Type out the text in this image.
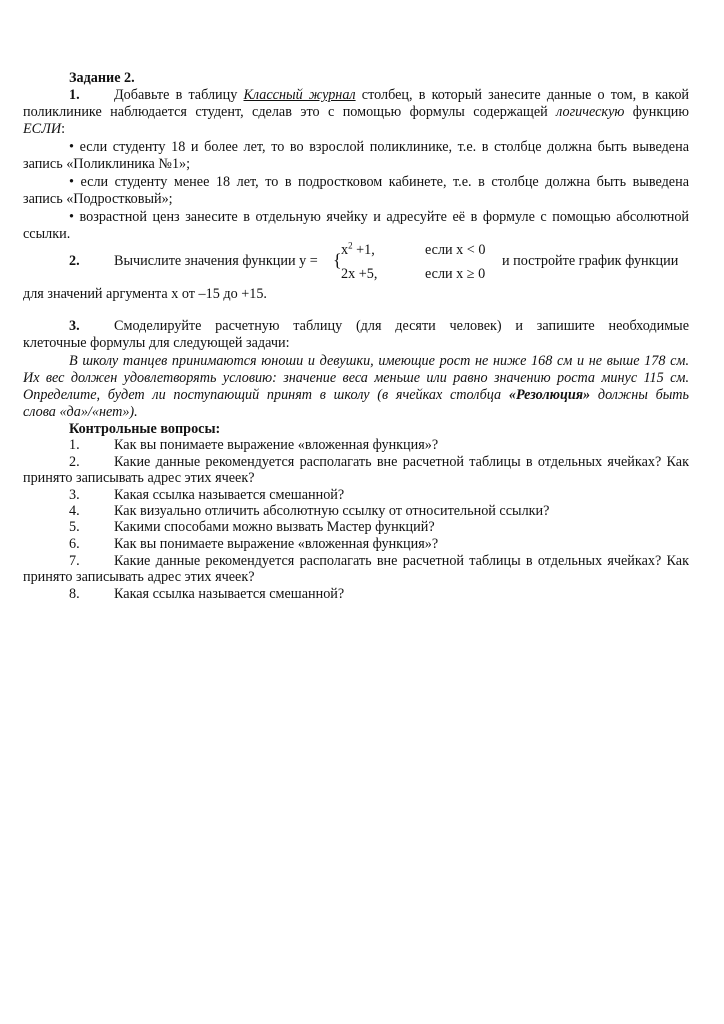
Задание 2.
1. Добавьте в таблицу Классный журнал столбец, в который занесите данные о том, в какой
поликлинике наблюдается студент, сделав это с помощью формулы содержащей логическую функцию
ЕСЛИ:
• если студенту 18 и более лет, то во взрослой поликлинике, т.е. в столбце должна быть выведена
запись «Поликлиника №1»;
• если студенту менее 18 лет, то в подростковом кабинете, т.е. в столбце должна быть выведена
запись «Подростковый»;
• возрастной ценз занесите в отдельную ячейку и адресуйте её в формуле с помощью абсолютной
ссылки.
2. Вычислите значения функции y = { $x^2 +1$,	если x < 0
2x +5,	если x ≥ 0
и постройте график функции
для значений аргумента x от –15 до +15.
3. Смоделируйте расчетную таблицу (для десяти человек) и запишите необходимые
клеточные формулы для следующей задачи:
В школу танцев принимаются юноши и девушки, имеющие рост не ниже 168 см и не выше 178 см.
Их вес должен удовлетворять условию: значение веса меньше или равно значению роста минус 115 см.
Определите, будет ли поступающий принят в школу (в ячейках столбца «Резолюция» должны быть
слова «да»/«нет»).
Контрольные вопросы:
1. Как вы понимаете выражение «вложенная функция»?
2. Какие данные рекомендуется располагать вне расчетной таблицы в отдельных ячейках? Как
принято записывать адрес этих ячеек?
3. Какая ссылка называется смешанной?
4. Как визуально отличить абсолютную ссылку от относительной ссылки?
5. Какими способами можно вызвать Мастер функций?
6. Как вы понимаете выражение «вложенная функция»?
7. Какие данные рекомендуется располагать вне расчетной таблицы в отдельных ячейках? Как
принято записывать адрес этих ячеек?
8. Какая ссылка называется смешанной?
